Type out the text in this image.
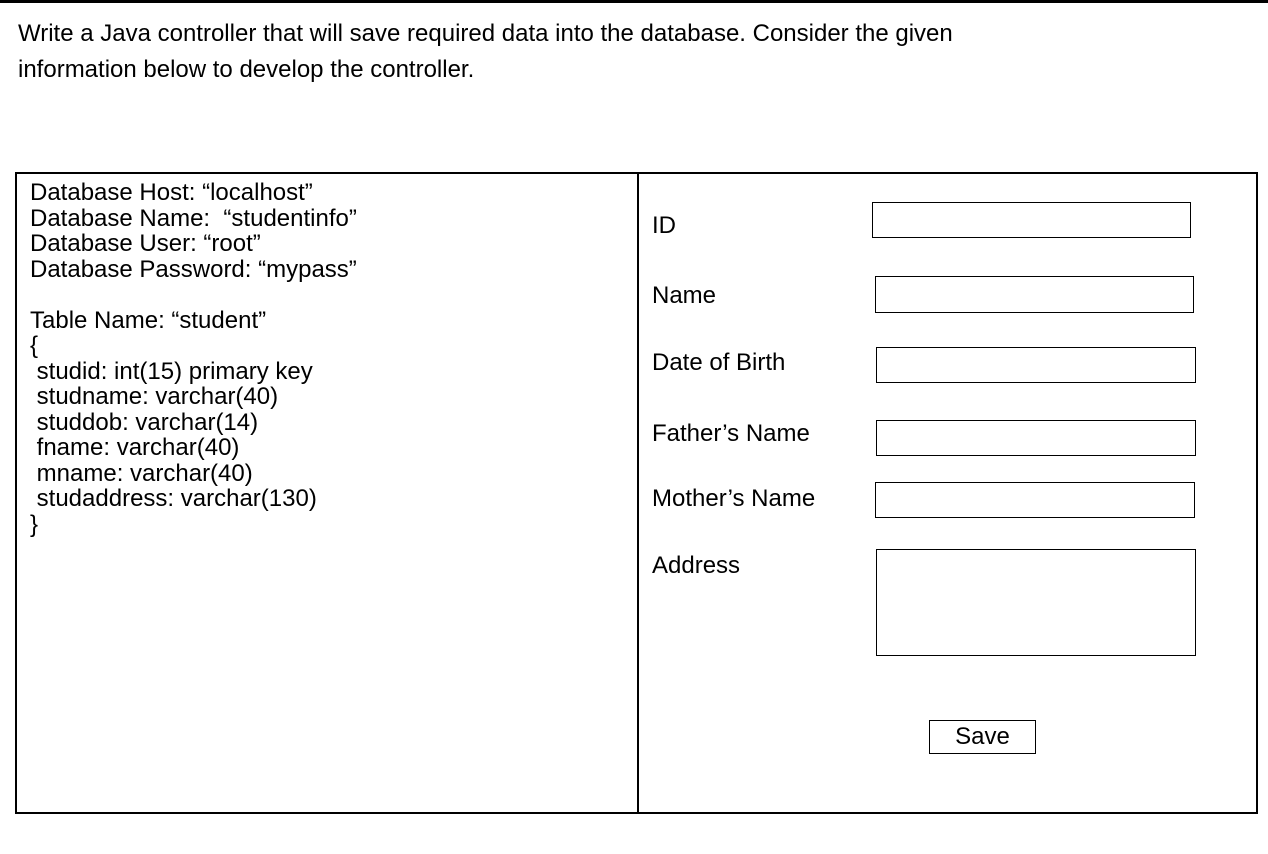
Write a Java controller that will save required data into the database. Consider the given
information below to develop the controller.
Database Host: “localhost”
Database Name:  “studentinfo”
Database User: “root”
Database Password: “mypass”
Table Name: “student”
{
studid: int(15) primary key
studname: varchar(40)
studdob: varchar(14)
fname: varchar(40)
mname: varchar(40)
studaddress: varchar(130)
}
ID
Name
Date of Birth
Father’s Name
Mother’s Name
Address
Save
